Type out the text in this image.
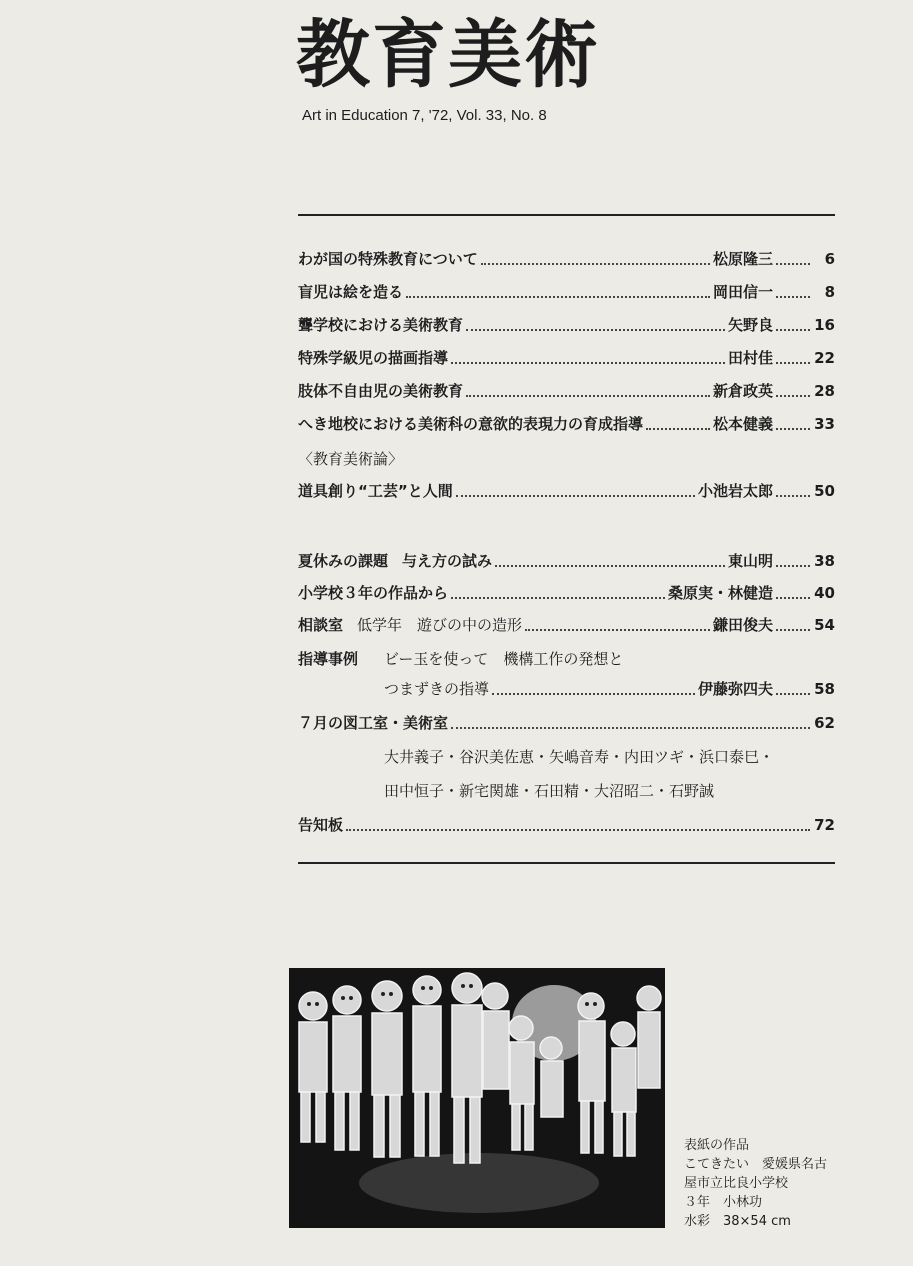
教育美術
Art in Education 7, '72, Vol. 33, No. 8
わが国の特殊教育について	松原隆三	6
盲児は絵を造る	岡田信一	8
聾学校における美術教育	矢野良	16
特殊学級児の描画指導	田村佳	22
肢体不自由児の美術教育	新倉政英	28
へき地校における美術科の意欲的表現力の育成指導	松本健義	33
〈教育美術論〉
道具創り“工芸”と人間	小池岩太郎	50
夏休みの課題 与え方の試み	東山明	38
小学校３年の作品から	桑原実・林健造	40
相談室 低学年　遊びの中の造形	鎌田俊夫	54
指導事例 ビー玉を使って　機構工作の発想と
つまずきの指導	伊藤弥四夫	58
７月の図工室・美術室	62
大井義子・谷沢美佐恵・矢嶋音寿・内田ツギ・浜口泰巳・
田中恒子・新宅関雄・石田精・大沼昭二・石野誠
告知板	72
表紙の作品
こてきたい　愛媛県名古
屋市立比良小学校
３年　小林功
水彩　38×54 cm
